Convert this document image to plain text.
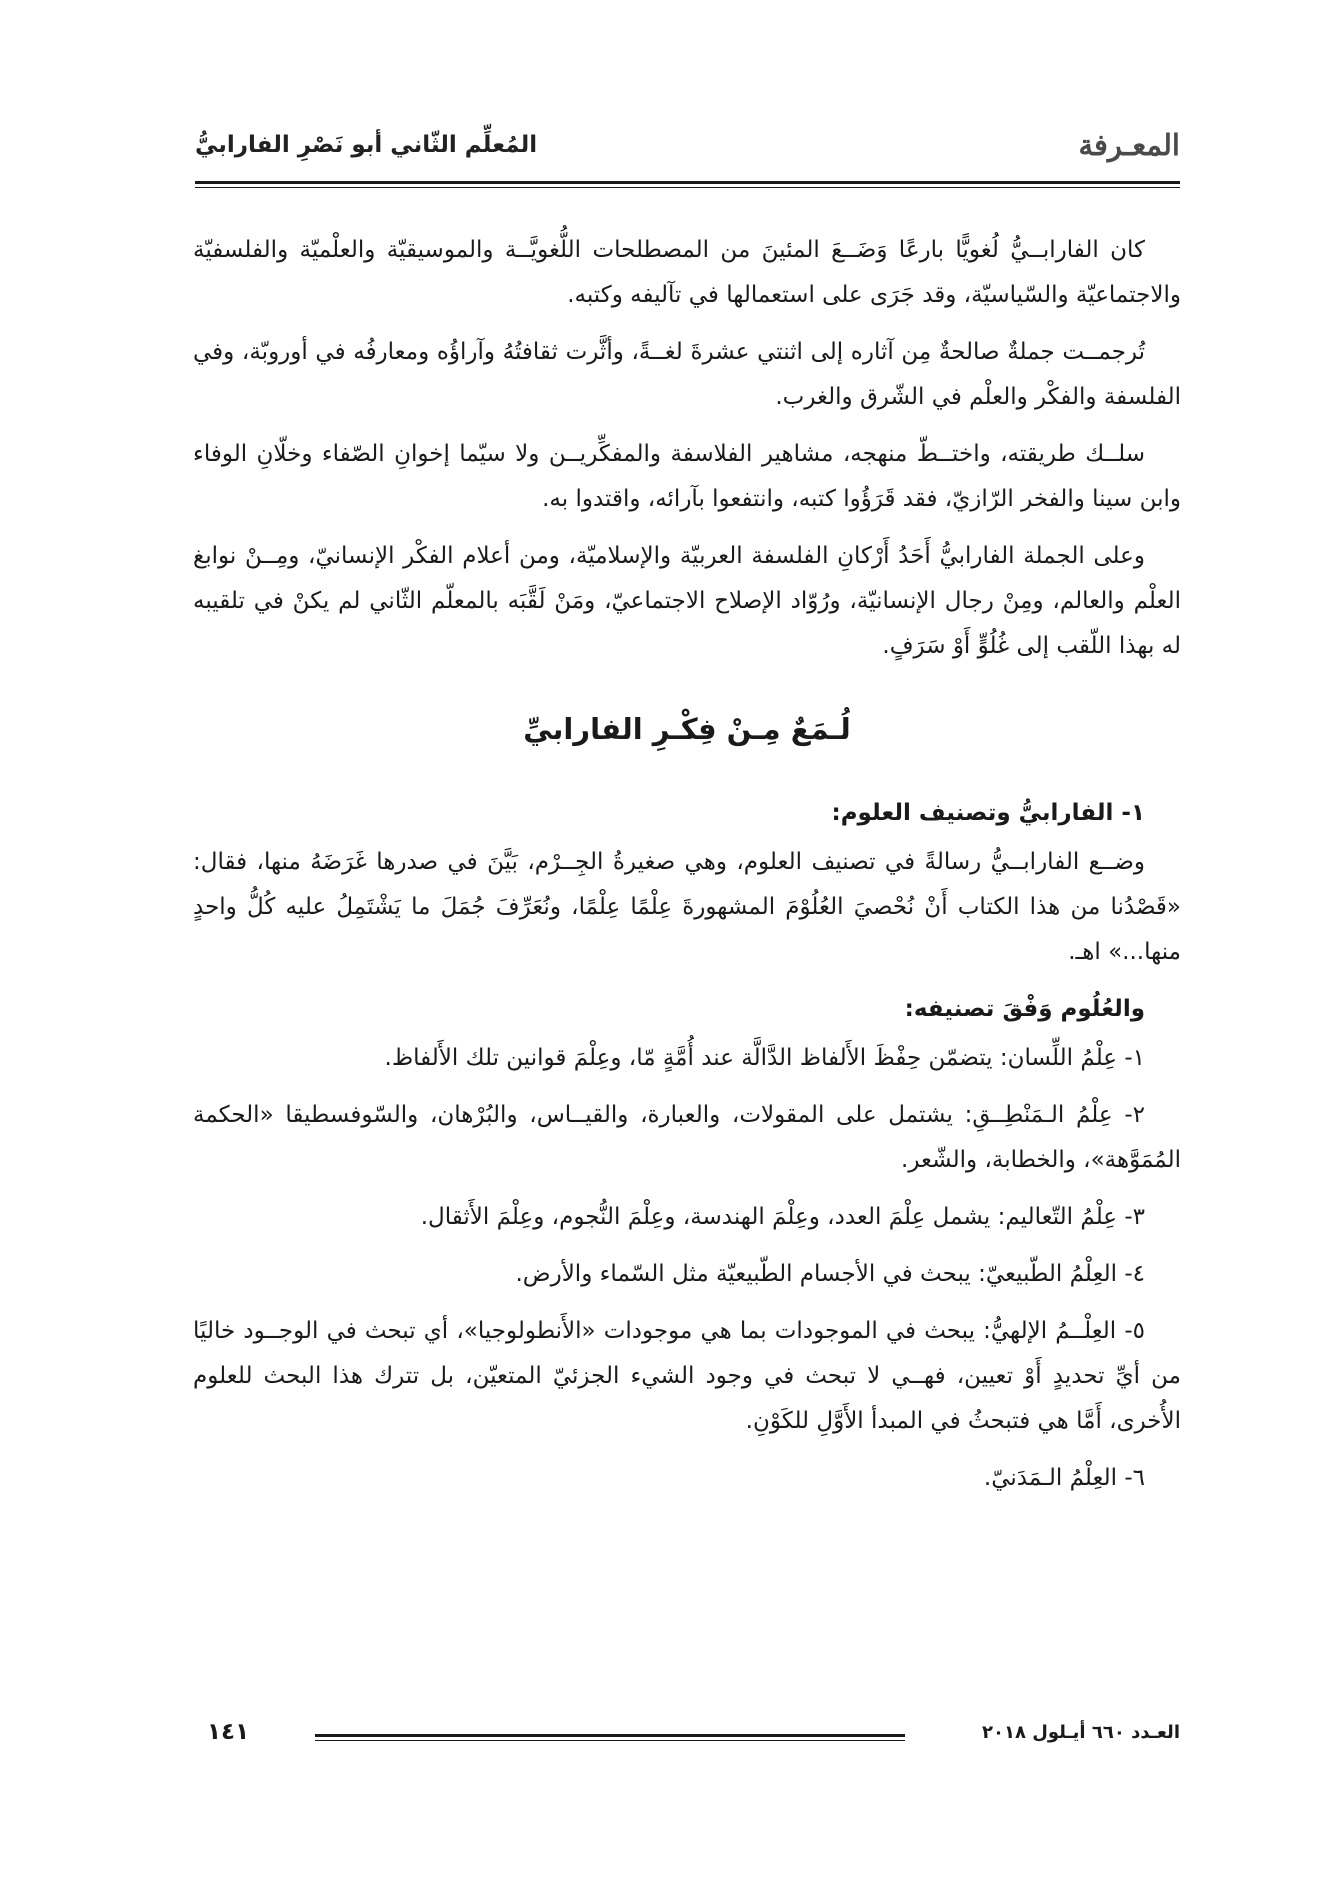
المعـرفة
المُعلِّم الثّاني أبو نَصْرِ الفارابيُّ

كان الفارابــيُّ لُغويًّا بارعًا وَضَــعَ المئينَ من المصطلحات اللُّغويَّــة والموسيقيّة والعلْميّة والفلسفيّة والاجتماعيّة والسّياسيّة، وقد جَرَى على استعمالها في تآليفه وكتبه.

تُرجمــت جملةٌ صالحةٌ مِن آثاره إلى اثنتي عشرةَ لغــةً، وأثَّرت ثقافتُهُ وآراؤُه ومعارفُه في أوروبّة، وفي الفلسفة والفكْر والعلْم في الشّرق والغرب.

سلــك طريقته، واختــطّ منهجه، مشاهير الفلاسفة والمفكِّريــن ولا سيّما إخوانِ الصّفاء وخلّانِ الوفاء وابن سينا والفخر الرّازيّ، فقد قَرَؤُوا كتبه، وانتفعوا بآرائه، واقتدوا به.

وعلى الجملة الفارابيُّ أَحَدُ أَرْكانِ الفلسفة العربيّة والإسلاميّة، ومن أعلام الفكْر الإنسانيّ، ومِــنْ نوابغ العلْم والعالم، ومِنْ رجال الإنسانيّة، ورُوّاد الإصلاح الاجتماعيّ، ومَنْ لَقَّبَه بالمعلّم الثّاني لم يكنْ في تلقيبه له بهذا اللّقب إلى غُلُوٍّ أَوْ سَرَفٍ.

لُـمَعٌ مِـنْ فِكْـرِ الفارابيِّ

١- الفارابيُّ وتصنيف العلوم:

وضــع الفارابــيُّ رسالةً في تصنيف العلوم، وهي صغيرةُ الجِــرْم، بَيَّنَ في صدرها غَرَضَهُ منها، فقال: «قَصْدُنا من هذا الكتاب أَنْ نُحْصيَ العُلُوْمَ المشهورةَ عِلْمًا عِلْمًا، ونُعَرِّفَ جُمَلَ ما يَشْتَمِلُ عليه كُلُّ واحدٍ منها...» اهـ.

والعُلُوم وَفْقَ تصنيفه:

١- عِلْمُ اللِّسان: يتضمّن حِفْظَ الأَلفاظ الدَّالَّة عند أُمَّةٍ مّا، وعِلْمَ قوانين تلك الأَلفاظ.

٢- عِلْمُ الـمَنْطِــقِ: يشتمل على المقولات، والعبارة، والقيــاس، والبُرْهان، والسّوفسطيقا «الحكمة المُمَوَّهة»، والخطابة، والشّعر.

٣- عِلْمُ التّعاليم: يشمل عِلْمَ العدد، وعِلْمَ الهندسة، وعِلْمَ النُّجوم، وعِلْمَ الأَثقال.

٤- العِلْمُ الطّبيعيّ: يبحث في الأجسام الطّبيعيّة مثل السّماء والأرض.

٥- العِلْــمُ الإلهيُّ: يبحث في الموجودات بما هي موجودات «الأَنطولوجيا»، أي تبحث في الوجــود خاليًا من أيِّ تحديدٍ أَوْ تعيين، فهــي لا تبحث في وجود الشيء الجزئيّ المتعيّن، بل تترك هذا البحث للعلوم الأُخرى، أَمَّا هي فتبحثُ في المبدأ الأَوَّلِ للكَوْنِ.

٦- العِلْمُ الـمَدَنيّ.

العـدد ٦٦٠ أيـلول ٢٠١٨
١٤١
